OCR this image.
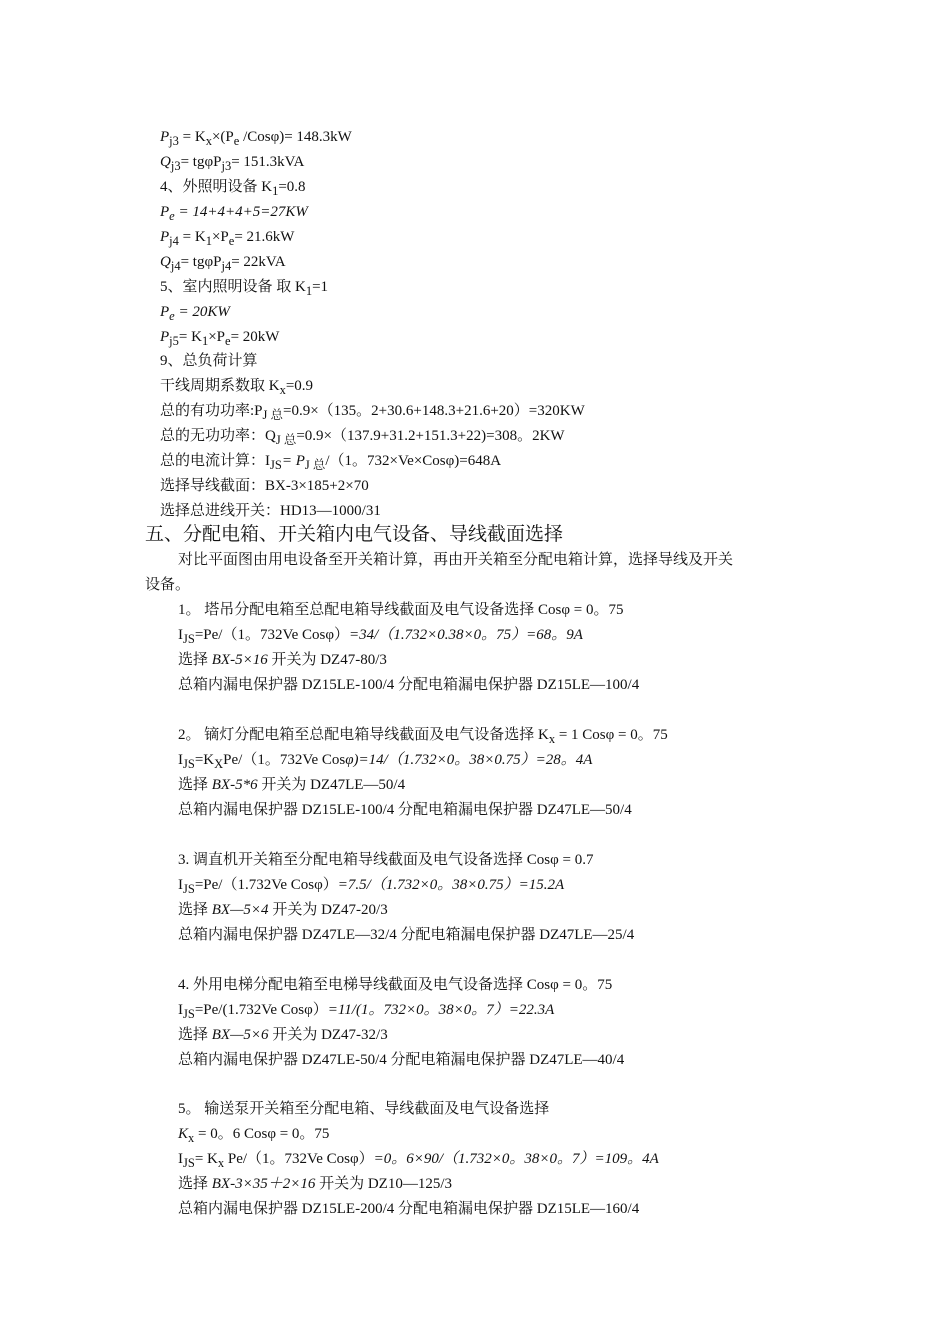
$P_{j3} = K_x\times(P_e$ /Cosφ)= 148.3kW
$Q_{j3}= tg\varphi P_{j3}= 151.3kVA$
4、外照明设备 $K_1=0.8$
$P_e = 14+4+4+5=27KW$
$P_{j4} = K_1\times P_e= 21.6kW$
$Q_{j4}= tg\varphi P_{j4}= 22kVA$
5、室内照明设备 取 $K_1=1$
$P_e = 20KW$
$P_{j5}= K_1\times P_e= 20kW$
9、总负荷计算
干线周期系数取 $K_x=0.9$
总的有功功率$:P_{J 总}=0.9\times(135$。2+30.6+148.3+21.6+20）=320KW
总的无功功率：$Q_{J 总}=0.9\times(137.9+31.2+151.3+22)=308$。2KW
总的电流计算：$I_{JS}= P_{J 总}/(1$。732×Ve×Cosφ)=648A
选择导线截面：BX-3×185+2×70
选择总进线开关：HD13—1000/31
五、分配电箱、开关箱内电气设备、导线截面选择
对比平面图由用电设备至开关箱计算，再由开关箱至分配电箱计算，选择导线及开关
设备。
1。 塔吊分配电箱至总配电箱导线截面及电气设备选择 Cosφ = 0。75
$I_{JS}=Pe/(1$。732Ve Cosφ）=34/（1.732×0.38×0。75）=68。9A
选择 BX-5×16 开关为 DZ47-80/3
总箱内漏电保护器 DZ15LE-100/4 分配电箱漏电保护器 DZ15LE—100/4
2。 镝灯分配电箱至总配电箱导线截面及电气设备选择 $K_x = 1$ Cosφ = 0。75
$I_{JS}=K_XPe/(1$。732Ve Cosφ)=14/（1.732×0。38×0.75）=28。4A
选择 BX-5*6 开关为 DZ47LE—50/4
总箱内漏电保护器 DZ15LE-100/4 分配电箱漏电保护器 DZ47LE—50/4
3. 调直机开关箱至分配电箱导线截面及电气设备选择 Cosφ = 0.7
$I_{JS}=Pe/(1.732Ve$ Cosφ）=7.5/（1.732×0。38×0.75）=15.2A
选择 BX—5×4 开关为 DZ47-20/3
总箱内漏电保护器 DZ47LE—32/4 分配电箱漏电保护器 DZ47LE—25/4
4. 外用电梯分配电箱至电梯导线截面及电气设备选择 Cosφ = 0。75
$I_{JS}=Pe/(1.732Ve$ Cosφ）=11/(1。732×0。38×0。7）=22.3A
选择 BX—5×6 开关为 DZ47-32/3
总箱内漏电保护器 DZ47LE-50/4 分配电箱漏电保护器 DZ47LE—40/4
5。 输送泵开关箱至分配电箱、导线截面及电气设备选择
$K_x = 0$。6 Cosφ = 0。75
$I_{JS}= K_x$ Pe/（1。732Ve Cosφ）=0。6×90/（1.732×0。38×0。7）=109。4A
选择 BX-3×35＋2×16 开关为 DZ10—125/3
总箱内漏电保护器 DZ15LE-200/4 分配电箱漏电保护器 DZ15LE—160/4
